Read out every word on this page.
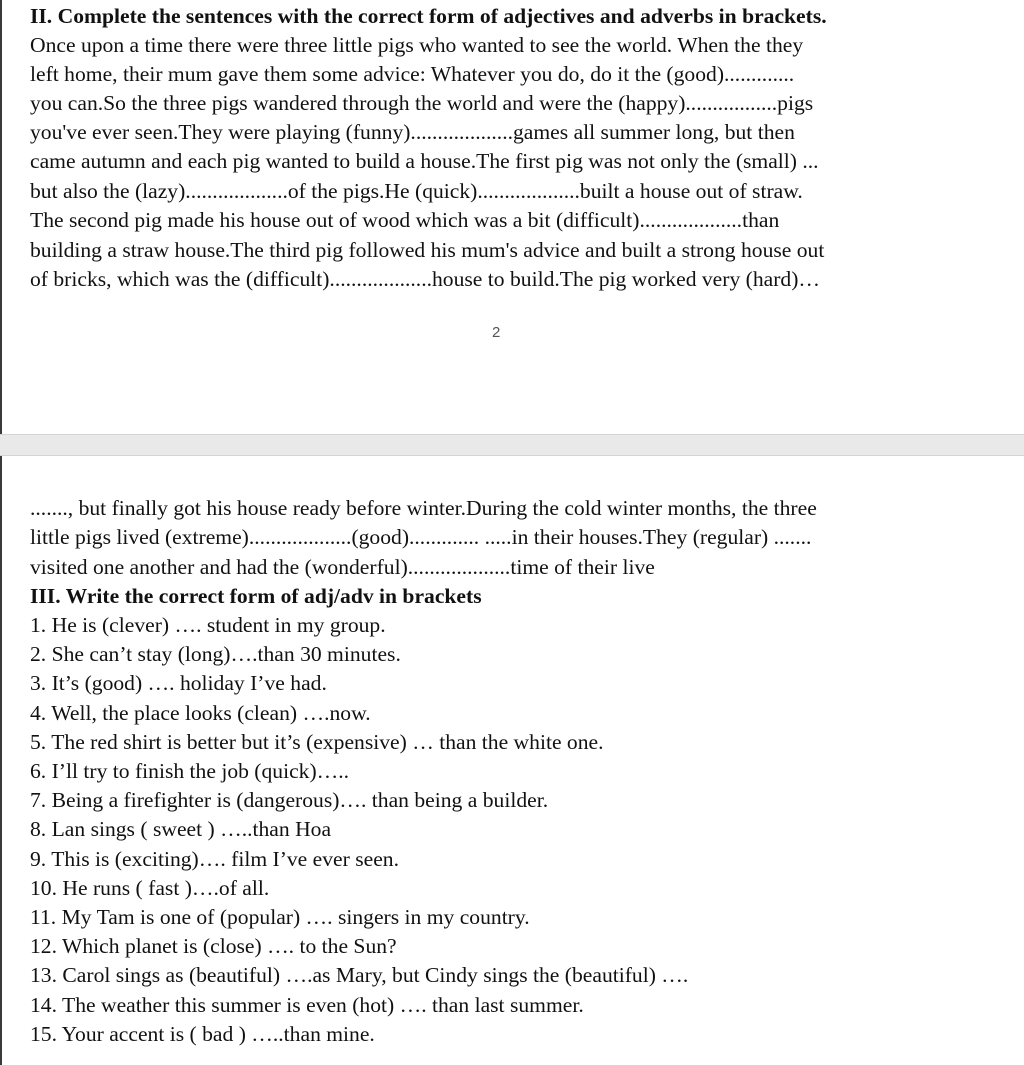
II. Complete the sentences with the correct form of adjectives and adverbs in brackets.
Once upon a time there were three little pigs who wanted to see the world. When the they
left home, their mum gave them some advice: Whatever you do, do it the (good).............
you can.So the three pigs wandered through the world and were the (happy).................pigs
you've ever seen.They were playing (funny)...................games all summer long, but then
came autumn and each pig wanted to build a house.The first pig was not only the (small) ...
but also the (lazy)...................of the pigs.He (quick)...................built a house out of straw.
The second pig made his house out of wood which was a bit (difficult)...................than
building a straw house.The third pig followed his mum's advice and built a strong house out
of bricks, which was the (difficult)...................house to build.The pig worked very (hard)…
2
......., but finally got his house ready before winter.During the cold winter months, the three
little pigs lived (extreme)...................(good)............. .....in their houses.They (regular) .......
visited one another and had the (wonderful)...................time of their live
III. Write the correct form of adj/adv in brackets
1. He is (clever) …. student in my group.
2. She can’t stay (long)….than 30 minutes.
3. It’s (good) …. holiday I’ve had.
4. Well, the place looks (clean) ….now.
5. The red shirt is better but it’s (expensive) … than the white one.
6. I’ll try to finish the job (quick)…..
7. Being a firefighter is (dangerous)…. than being a builder.
8. Lan sings ( sweet ) …..than Hoa
9. This is (exciting)…. film I’ve ever seen.
10. He runs ( fast )….of all.
11. My Tam is one of (popular) …. singers in my country.
12. Which planet is (close) …. to the Sun?
13. Carol sings as (beautiful) ….as Mary, but Cindy sings the (beautiful) ….
14. The weather this summer is even (hot) …. than last summer.
15. Your accent is ( bad ) …..than mine.
